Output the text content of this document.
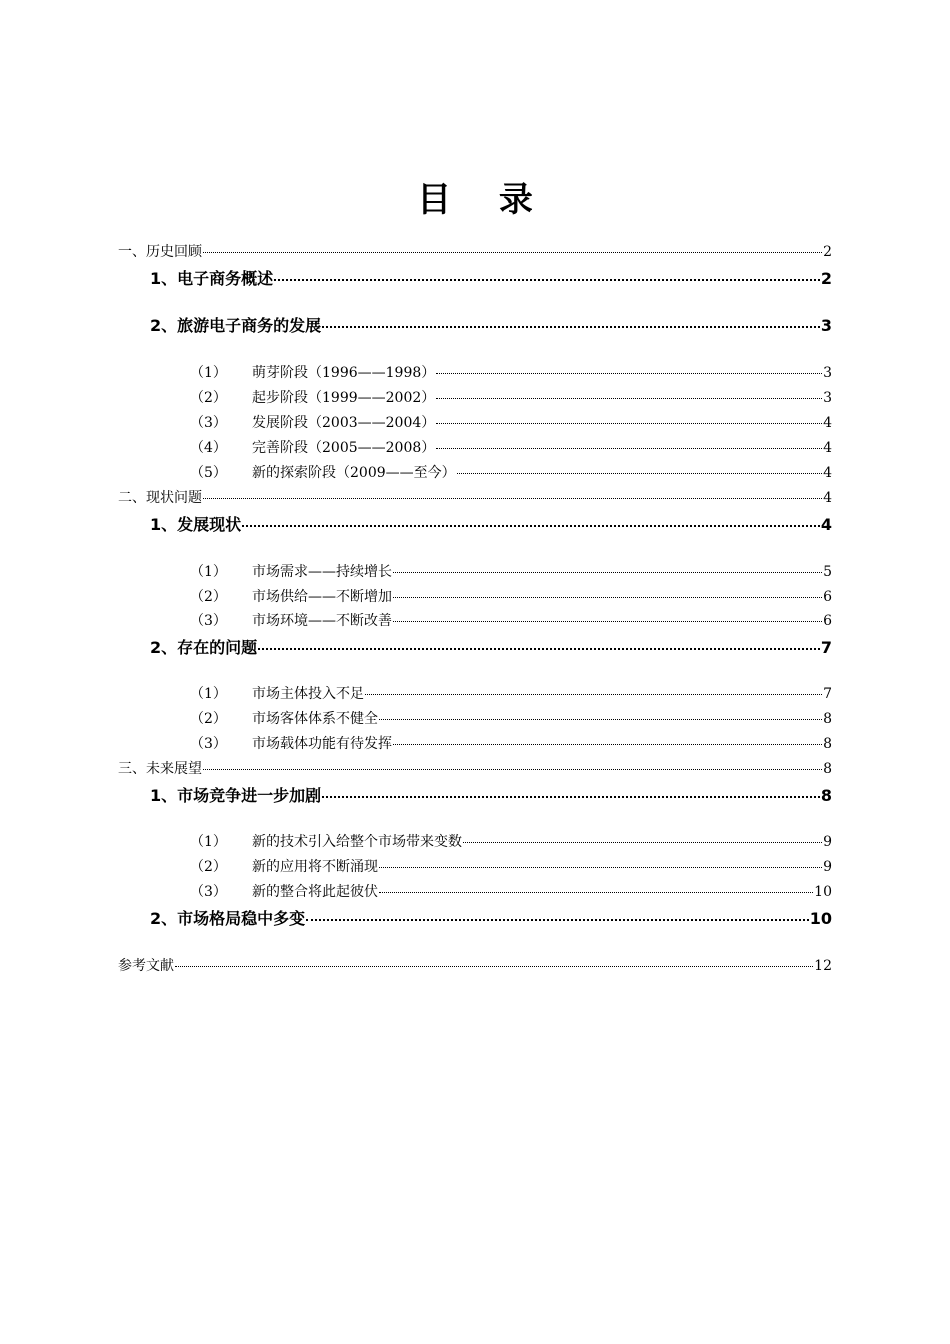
目 录
一、历史回顾	2
1、电子商务概述	2
2、旅游电子商务的发展	3
（1） 萌芽阶段（1996——1998）	3
（2） 起步阶段（1999——2002）	3
（3） 发展阶段（2003——2004）	4
（4） 完善阶段（2005——2008）	4
（5） 新的探索阶段（2009——至今）	4
二、现状问题	4
1、发展现状	4
（1） 市场需求——持续增长	5
（2） 市场供给——不断增加	6
（3） 市场环境——不断改善	6
2、存在的问题	7
（1） 市场主体投入不足	7
（2） 市场客体体系不健全	8
（3） 市场载体功能有待发挥	8
三、未来展望	8
1、市场竞争进一步加剧	8
（1） 新的技术引入给整个市场带来变数	9
（2） 新的应用将不断涌现	9
（3） 新的整合将此起彼伏	10
2、市场格局稳中多变	10
参考文献	12
